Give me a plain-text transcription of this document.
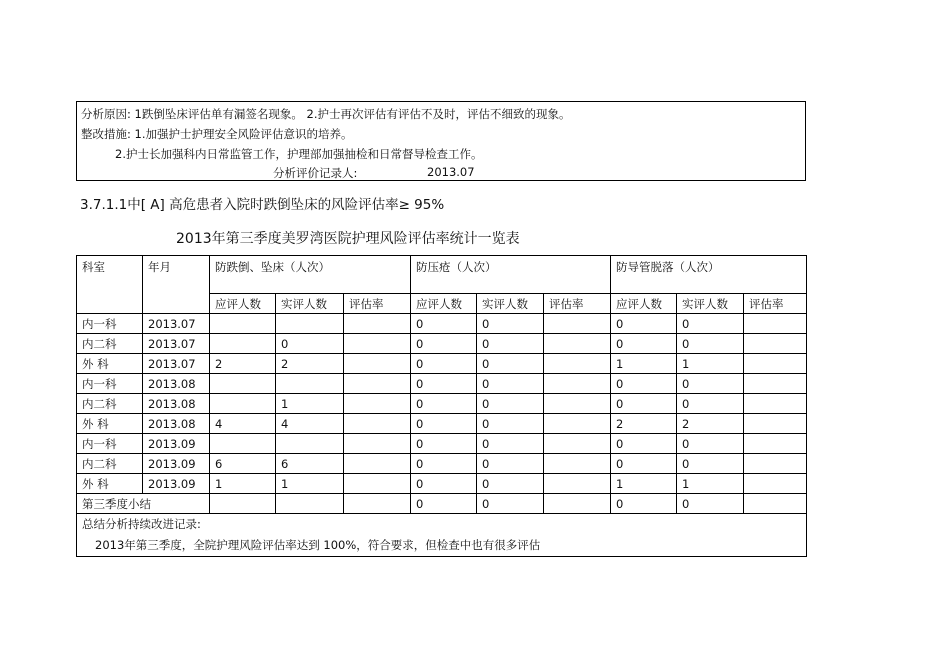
分析原因: 1跌倒坠床评估单有漏签名现象。 2.护士再次评估有评估不及时，评估不细致的现象。
整改措施: 1.加强护士护理安全风险评估意识的培养。
2.护士长加强科内日常监管工作，护理部加强抽检和日常督导检查工作。
分析评价记录人:	2013.07
3.7.1.1中[ A] 高危患者入院时跌倒坠床的风险评估率≥ 95%
2013年第三季度美罗湾医院护理风险评估率统计一览表
科室	年月	防跌倒、坠床（人次）			防压疮（人次）			防导管脱落（人次）		
		应评人数	实评人数	评估率	应评人数	实评人数	评估率	应评人数	实评人数	评估率
内一科	2013.07				0	0		0	0	
内二科	2013.07		0		0	0		0	0	
外 科	2013.07	2	2		0	0		1	1	
内一科	2013.08				0	0		0	0	
内二科	2013.08		1		0	0		0	0	
外 科	2013.08	4	4		0	0		2	2	
内一科	2013.09				0	0		0	0	
内二科	2013.09	6	6		0	0		0	0	
外 科	2013.09	1	1		0	0		1	1	
第三季度小结					0	0		0	0	

总结分析持续改进记录:
2013年第三季度，全院护理风险评估率达到 100%，符合要求，但检查中也有很多评估										
